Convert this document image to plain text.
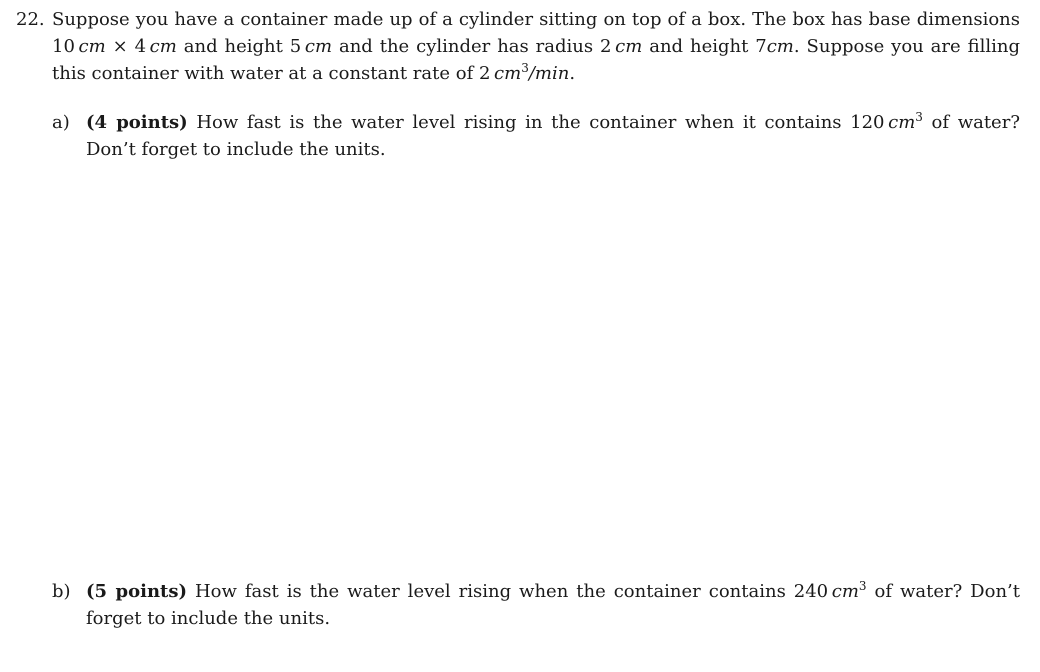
22. Suppose you have a container made up of a cylinder sitting on top of a box. The box has base dimensions 10  cm × 4  cm and height 5  cm and the cylinder has radius 2  cm and height 7cm. Suppose you are filling this container with water at a constant rate of 2  $cm^3/\min$.
a) (4 points) How fast is the water level rising in the container when it contains 120  $cm^3$ of water? Don’t forget to include the units.
b) (5 points) How fast is the water level rising when the container contains 240  $cm^3$ of water? Don’t forget to include the units.
